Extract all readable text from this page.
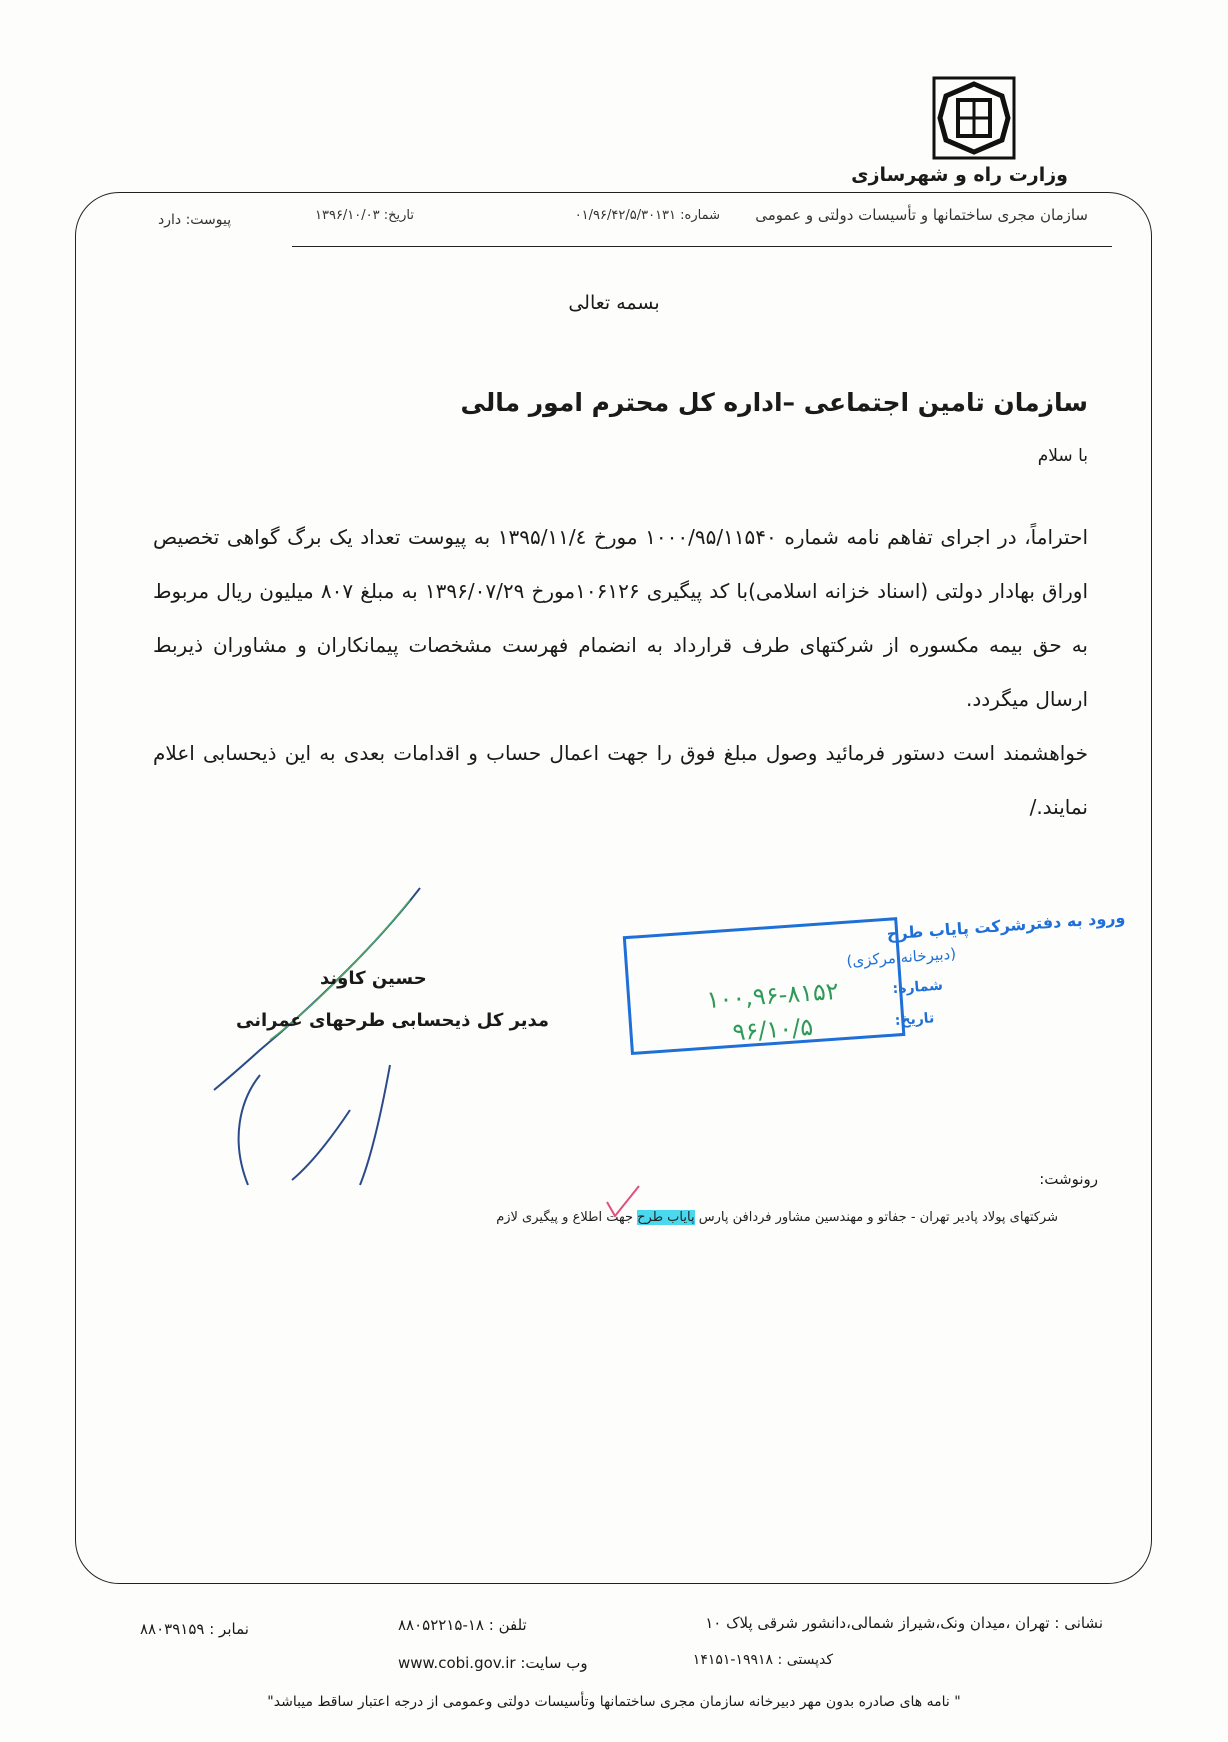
وزارت راه و شهرسازی
سازمان مجری ساختمانها و تأسیسات دولتی و عمومی
شماره: ۰۱/۹۶/۴۲/۵/۳۰۱۳۱
تاریخ: ۱۳۹۶/۱۰/۰۳
پیوست: دارد
بسمه تعالی
سازمان تامین اجتماعی –اداره کل محترم امور مالی
با سلام

احتراماً، در اجرای تفاهم نامه شماره ۱۰۰۰/۹۵/۱۱۵۴۰ مورخ ۱۳۹۵/۱۱/٤ به پیوست تعداد یک برگ گواهی تخصیص اوراق بهادار دولتی (اسناد خزانه اسلامی)با کد پیگیری ۱۰۶۱۲۶مورخ ۱۳۹۶/۰۷/۲۹ به مبلغ ۸۰۷ میلیون ریال مربوط به حق بیمه مکسوره از شرکتهای طرف قرارداد به انضمام فهرست مشخصات پیمانکاران و مشاوران ذیربط ارسال میگردد.

خواهشمند است دستور فرمائید وصول مبلغ فوق را جهت اعمال حساب و اقدامات بعدی به این ذیحسابی اعلام نمایند./

حسین کاوند
مدیر کل ذیحسابی طرحهای عمرانی
ورود به دفترشرکت پایاب طرح
(دبیرخانه مرکزی)
شماره:
۱۰۰,۹۶-۸۱۵۲
تاریخ:
۹۶/۱۰/۵
رونوشت:
شرکتهای پولاد پادیر تهران - جفاتو و مهندسین مشاور فردافن پارس پایاب طرح جهت اطلاع و پیگیری لازم
نشانی : تهران ،میدان ونک،شیراز شمالی،دانشور شرقی پلاک ۱۰
کدپستی : ۱۹۹۱۸-۱۴۱۵۱
تلفن : ۱۸-۸۸۰۵۲۲۱۵
وب سایت: www.cobi.gov.ir
نمابر : ۸۸۰۳۹۱۵۹
" نامه های صادره بدون مهر دبیرخانه سازمان مجری ساختمانها وتأسیسات دولتی وعمومی از درجه اعتبار ساقط میباشد"
